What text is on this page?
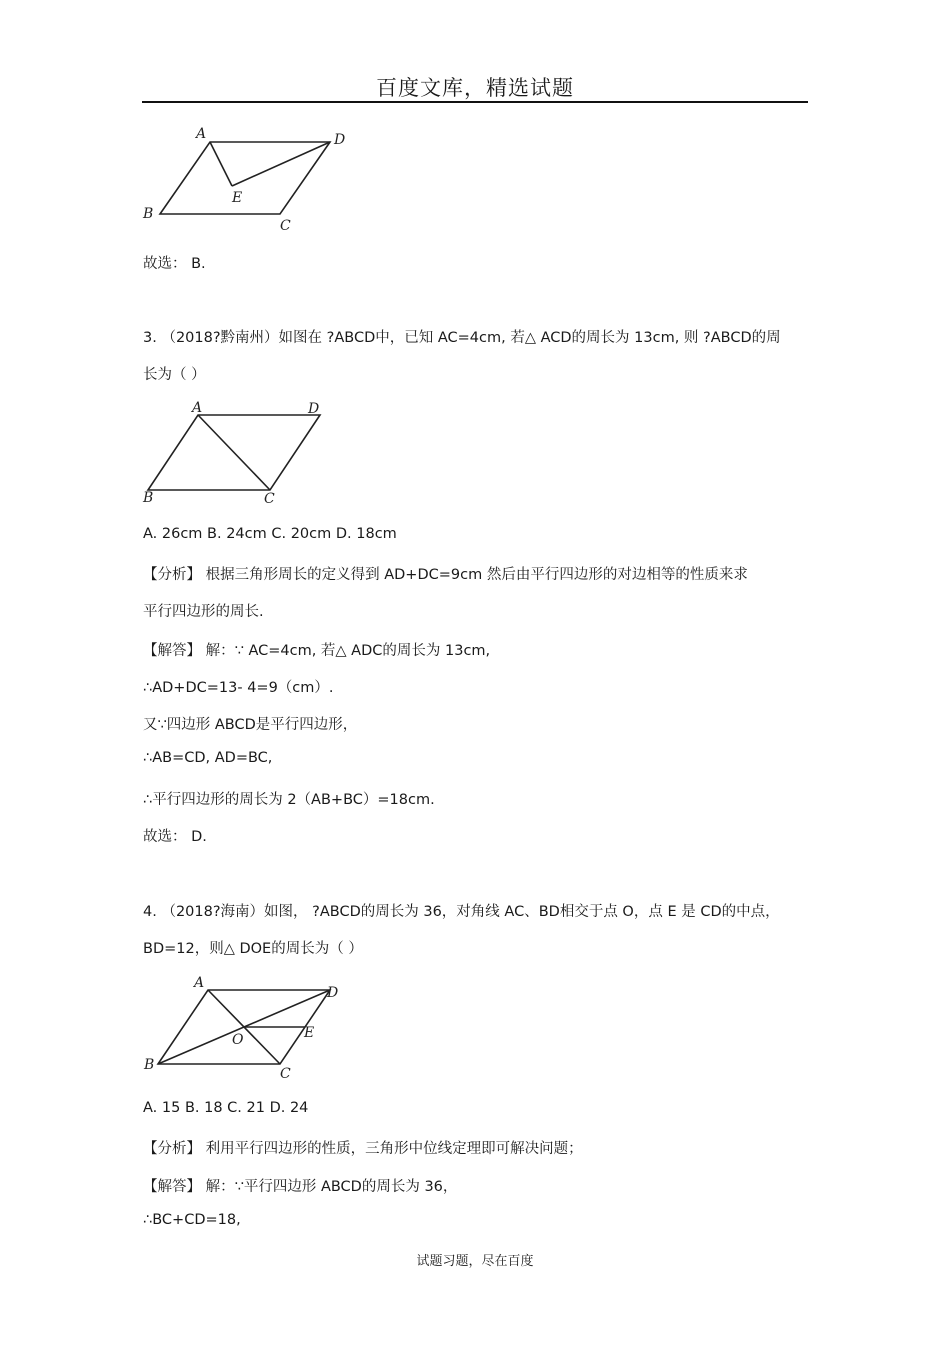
百度文库，精选试题
A
B
C
D
E
故选： B.
3. （2018?黔南州）如图在 ?ABCD中，已知 AC=4cm, 若△ ACD的周长为 13cm, 则 ?ABCD的周
长为（ ）
A
B	C
D
A. 26cm B. 24cm C. 20cm D. 18cm
【分析】 根据三角形周长的定义得到 AD+DC=9cm 然后由平行四边形的对边相等的性质来求
平行四边形的周长.
【解答】 解：∵ AC=4cm, 若△ ADC的周长为 13cm,
∴AD+DC=13- 4=9（cm）.
又∵四边形 ABCD是平行四边形，
∴AB=CD, AD=BC,
∴平行四边形的周长为 2（AB+BC）=18cm.
故选： D.
4. （2018?海南）如图， ?ABCD的周长为 36，对角线 AC、BD相交于点 O，点 E 是 CD的中点，
BD=12，则△ DOE的周长为（ ）
A
B
C
D
O	E
A. 15 B. 18 C. 21 D. 24
【分析】 利用平行四边形的性质，三角形中位线定理即可解决问题；
【解答】 解：∵平行四边形 ABCD的周长为 36，
∴BC+CD=18,
试题习题，尽在百度
